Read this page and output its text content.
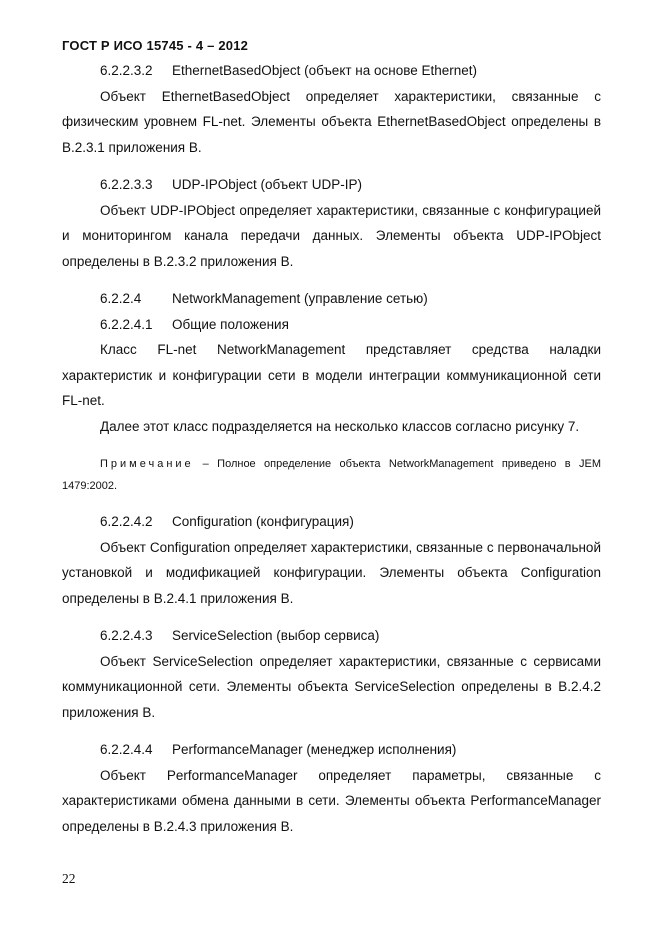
ГОСТ Р ИСО 15745 - 4 – 2012
6.2.2.3.2 EthernetBasedObject (объект на основе Ethernet)

Объект EthernetBasedObject определяет характеристики, связанные с физическим уровнем FL-net. Элементы объекта EthernetBasedObject определены в В.2.3.1 приложения В.

6.2.2.3.3 UDP-IPObject (объект UDP-IP)

Объект UDP-IPObject определяет характеристики, связанные с конфигурацией и мониторингом канала передачи данных. Элементы объекта UDP-IPObject определены в В.2.3.2 приложения В.

6.2.2.4 NetworkManagement (управление сетью)
6.2.2.4.1 Общие положения

Класс FL-net NetworkManagement представляет средства наладки характеристик и конфигурации сети в модели интеграции коммуникационной сети FL-net.

Далее этот класс подразделяется на несколько классов согласно рисунку 7.

Примечание – Полное определение объекта NetworkManagement приведено в JEM 1479:2002.
6.2.2.4.2 Configuration (конфигурация)

Объект Configuration определяет характеристики, связанные с первоначальной установкой и модификацией конфигурации. Элементы объекта Configuration определены в В.2.4.1 приложения В.

6.2.2.4.3 ServiceSelection (выбор сервиса)

Объект ServiceSelection определяет характеристики, связанные с сервисами коммуникационной сети. Элементы объекта ServiceSelection определены в В.2.4.2 приложения В.

6.2.2.4.4 PerformanceManager (менеджер исполнения)

Объект PerformanceManager определяет параметры, связанные с характеристиками обмена данными в сети. Элементы объекта PerformanceManager определены в В.2.4.3 приложения В.

22
